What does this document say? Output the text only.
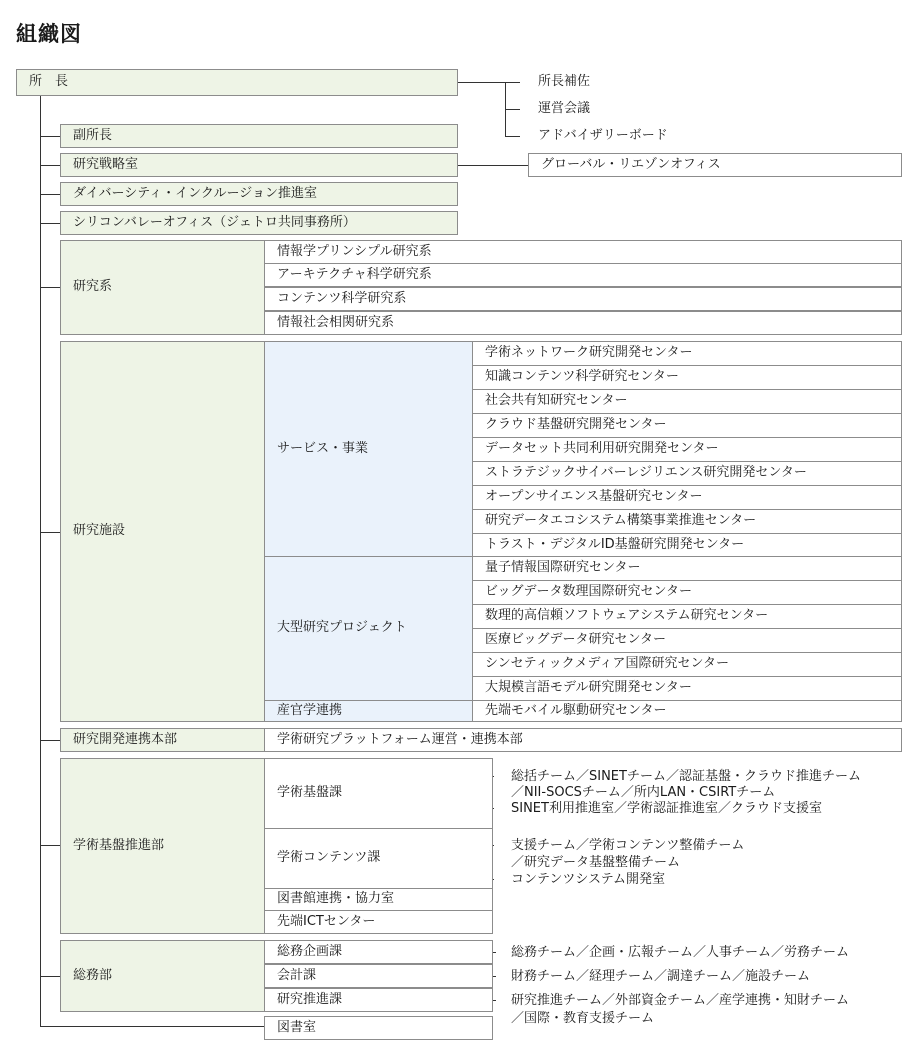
組織図
所　長	所長補佐
運営会議
アドバイザリーボード
副所長
研究戦略室	グローバル・リエゾンオフィス
ダイバーシティ・インクルージョン推進室
シリコンバレーオフィス（ジェトロ共同事務所）
研究系
情報学プリンシプル研究系
アーキテクチャ科学研究系
コンテンツ科学研究系
情報社会相関研究系
研究施設
サービス・事業
学術ネットワーク研究開発センター
知識コンテンツ科学研究センター
社会共有知研究センター
クラウド基盤研究開発センター
データセット共同利用研究開発センター
ストラテジックサイバーレジリエンス研究開発センター
オープンサイエンス基盤研究センター
研究データエコシステム構築事業推進センター
トラスト・デジタルID基盤研究開発センター
大型研究プロジェクト
量子情報国際研究センター
ビッグデータ数理国際研究センター
数理的高信頼ソフトウェアシステム研究センター
医療ビッグデータ研究センター
シンセティックメディア国際研究センター
大規模言語モデル研究開発センター
産官学連携	先端モバイル駆動研究センター
研究開発連携本部	学術研究プラットフォーム運営・連携本部
学術基盤推進部
学術基盤課
学術コンテンツ課
図書館連携・協力室
先端ICTセンター
総括チーム／SINETチーム／認証基盤・クラウド推進チーム
／NII-SOCSチーム／所内LAN・CSIRTチーム
SINET利用推進室／学術認証推進室／クラウド支援室
支援チーム／学術コンテンツ整備チーム
／研究データ基盤整備チーム
コンテンツシステム開発室
総務部
総務企画課
会計課
研究推進課
総務チーム／企画・広報チーム／人事チーム／労務チーム
財務チーム／経理チーム／調達チーム／施設チーム
研究推進チーム／外部資金チーム／産学連携・知財チーム
／国際・教育支援チーム
図書室
